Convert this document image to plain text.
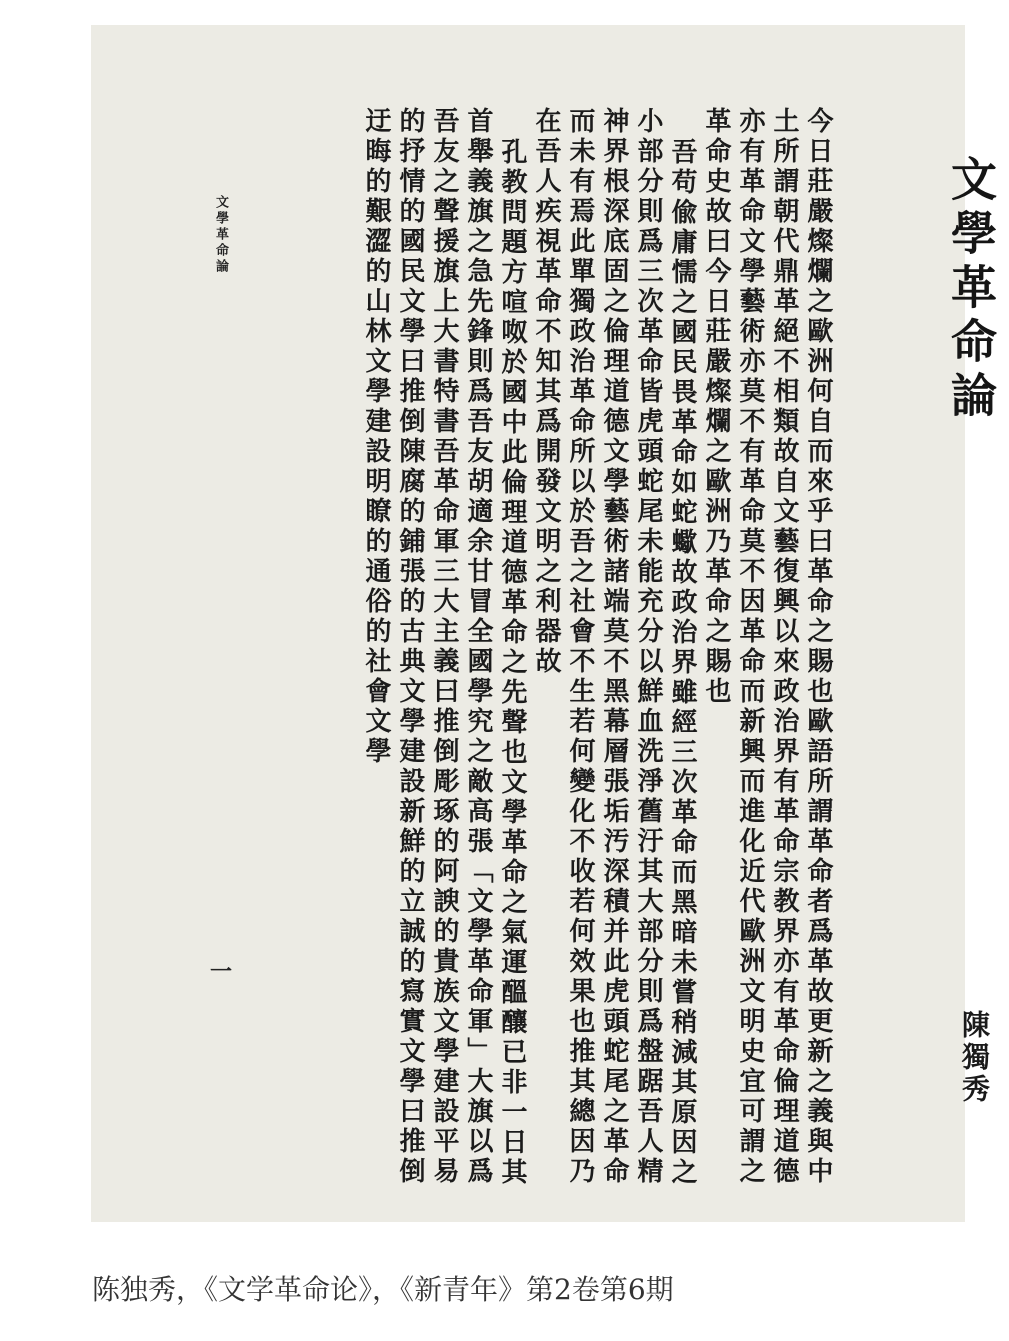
文學革命論
陳獨秀

今日莊嚴燦爛之歐洲何自而來乎曰革命之賜也歐語所謂革命者爲革故更新之義與中土所謂朝代鼎革絕不相類故自文藝復興以來政治界有革命宗教界亦有革命倫理道德亦有革命文學藝術亦莫不有革命莫不因革命而新興而進化近代歐洲文明史宜可謂之革命史故曰今日莊嚴燦爛之歐洲乃革命之賜也

吾苟偸庸懦之國民畏革命如蛇蠍故政治界雖經三次革命而黑暗未嘗稍減其原因之小部分則爲三次革命皆虎頭蛇尾未能充分以鮮血洗淨舊汙其大部分則爲盤踞吾人精神界根深底固之倫理道德文學藝術諸端莫不黑幕層張垢汚深積并此虎頭蛇尾之革命而未有焉此單獨政治革命所以於吾之社會不生若何變化不收若何效果也推其總因乃在吾人疾視革命不知其爲開發文明之利器故

孔教問題方喧呶於國中此倫理道德革命之先聲也文學革命之氣運醞釀已非一日其首舉義旗之急先鋒則爲吾友胡適余甘冒全國學究之敵高張「文學革命軍」大旗以爲吾友之聲援旗上大書特書吾革命軍三大主義曰推倒彫琢的阿諛的貴族文學建設平易的抒情的國民文學曰推倒陳腐的鋪張的古典文學建設新鮮的立誠的寫實文學曰推倒迂晦的艱澀的山林文學建設明瞭的通俗的社會文學

文學革命論
一
陈独秀，《文学革命论》，《新青年》第2卷第6期
